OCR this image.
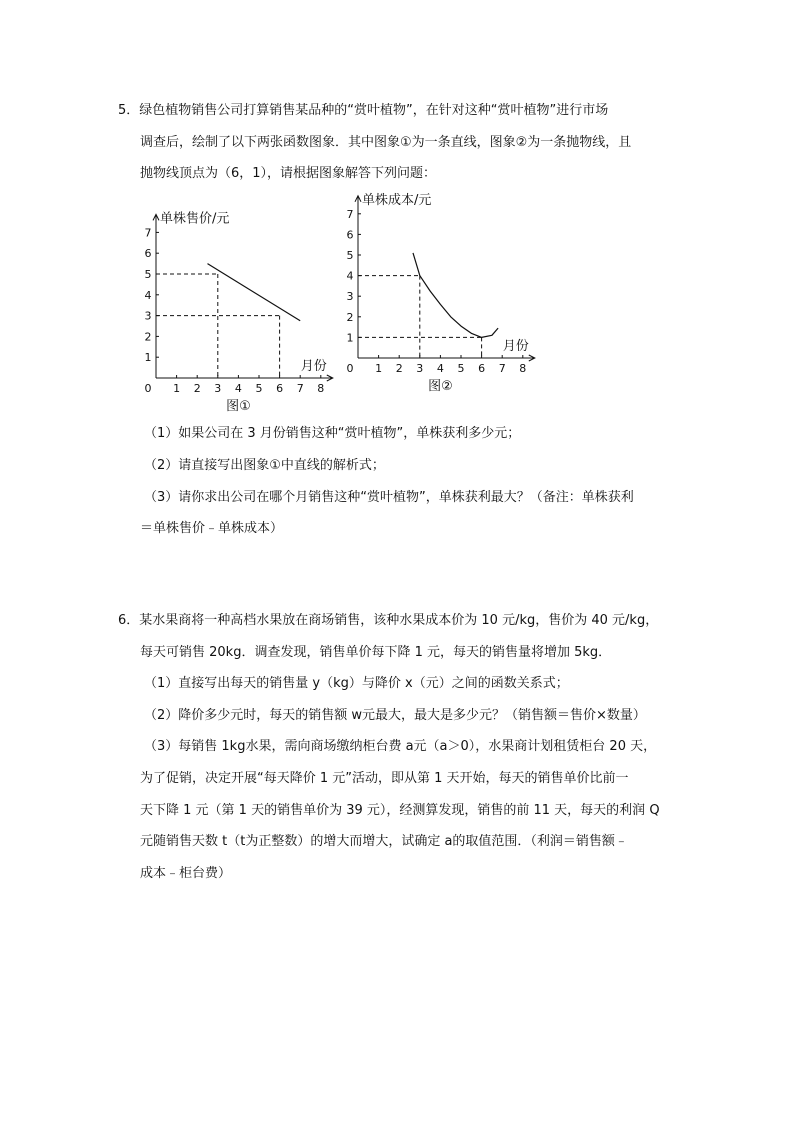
5．绿色植物销售公司打算销售某品种的“赏叶植物”，在针对这种“赏叶植物”进行市场
调查后，绘制了以下两张函数图象．其中图象①为一条直线，图象②为一条抛物线，且
抛物线顶点为（6，1），请根据图象解答下列问题：
1 2 3 4 5 6 7 8
1
2
3
4
5
6
7
单株售价/元
月份
0
图①
1 2 3 4 5 6 7 8
1
2
3
4
5
6
7
单株成本/元
月份
0
图②
（1）如果公司在 3 月份销售这种“赏叶植物”，单株获利多少元；
（2）请直接写出图象①中直线的解析式；
（3）请你求出公司在哪个月销售这种“赏叶植物”，单株获利最大？（备注：单株获利
＝单株售价﹣单株成本）
6．某水果商将一种高档水果放在商场销售，该种水果成本价为 10 元/kg，售价为 40 元/kg，
每天可销售 20kg．调查发现，销售单价每下降 1 元，每天的销售量将增加 5kg．
（1）直接写出每天的销售量 y（kg）与降价 x（元）之间的函数关系式；
（2）降价多少元时，每天的销售额 w元最大，最大是多少元？（销售额＝售价×数量）
（3）每销售 1kg水果，需向商场缴纳柜台费 a元（a＞0），水果商计划租赁柜台 20 天，
为了促销，决定开展“每天降价 1 元”活动，即从第 1 天开始，每天的销售单价比前一
天下降 1 元（第 1 天的销售单价为 39 元），经测算发现，销售的前 11 天，每天的利润 Q
元随销售天数 t（t为正整数）的增大而增大，试确定 a的取值范围．（利润＝销售额﹣
成本﹣柜台费）
